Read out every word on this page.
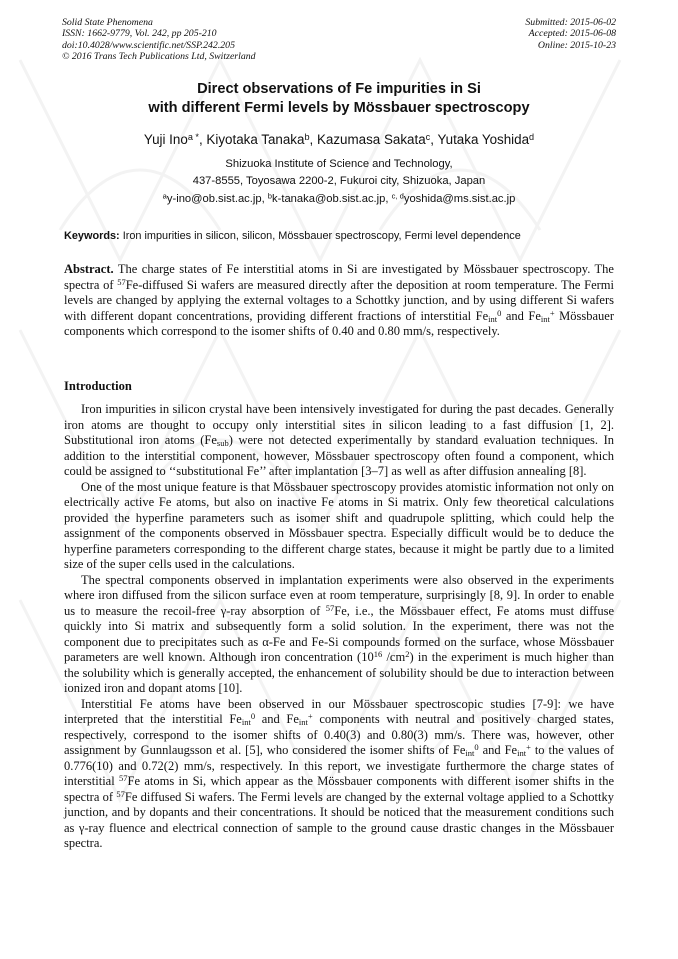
Solid State Phenomena
ISSN: 1662-9779, Vol. 242, pp 205-210
doi:10.4028/www.scientific.net/SSP.242.205
© 2016 Trans Tech Publications Ltd, Switzerland
Submitted: 2015-06-02
Accepted: 2015-06-08
Online: 2015-10-23
Direct observations of Fe impurities in Si
with different Fermi levels by Mössbauer spectroscopy
Yuji Ino$^{a *}$, Kiyotaka Tanaka$^b$, Kazumasa Sakata$^c$, Yutaka Yoshida$^d$
Shizuoka Institute of Science and Technology,
437-8555, Toyosawa 2200-2, Fukuroi city, Shizuoka, Japan
$^a$y-ino@ob.sist.ac.jp, $^b$k-tanaka@ob.sist.ac.jp, $^{c, d}$yoshida@ms.sist.ac.jp
Keywords: Iron impurities in silicon, silicon, Mössbauer spectroscopy, Fermi level dependence
Abstract. The charge states of Fe interstitial atoms in Si are investigated by Mössbauer spectroscopy. The spectra of $^{57}$Fe-diffused Si wafers are measured directly after the deposition at room temperature. The Fermi levels are changed by applying the external voltages to a Schottky junction, and by using different Si wafers with different dopant concentrations, providing different fractions of interstitial $Fe_{int}^0$ and $Fe_{int}^+$ Mössbauer components which correspond to the isomer shifts of 0.40 and 0.80 mm/s, respectively.
Introduction

Iron impurities in silicon crystal have been intensively investigated for during the past decades. Generally iron atoms are thought to occupy only interstitial sites in silicon leading to a fast diffusion [1, 2]. Substitutional iron atoms $(Fe_{sub})$ were not detected experimentally by standard evaluation techniques. In addition to the interstitial component, however, Mössbauer spectroscopy often found a component, which could be assigned to ‘‘substitutional Fe’’ after implantation [3–7] as well as after diffusion annealing [8].

One of the most unique feature is that Mössbauer spectroscopy provides atomistic information not only on electrically active Fe atoms, but also on inactive Fe atoms in Si matrix. Only few theoretical calculations provided the hyperfine parameters such as isomer shift and quadrupole splitting, which could help the assignment of the components observed in Mössbauer spectra. Especially difficult would be to deduce the hyperfine parameters corresponding to the different charge states, because it might be partly due to a limited size of the super cells used in the calculations.

The spectral components observed in implantation experiments were also observed in the experiments where iron diffused from the silicon surface even at room temperature, surprisingly [8, 9]. In order to enable us to measure the recoil-free γ-ray absorption of $^{57}$Fe, i.e., the Mössbauer effect, Fe atoms must diffuse quickly into Si matrix and subsequently form a solid solution. In the experiment, there was not the component due to precipitates such as α-Fe and Fe-Si compounds formed on the surface, whose Mössbauer parameters are well known. Although iron concentration ($10^{16}$ $/cm^2$) in the experiment is much higher than the solubility which is generally accepted, the enhancement of solubility should be due to interaction between ionized iron and dopant atoms [10].

Interstitial Fe atoms have been observed in our Mössbauer spectroscopic studies [7-9]: we have interpreted that the interstitial $Fe_{int}^0$ and $Fe_{int}^+$ components with neutral and positively charged states, respectively, correspond to the isomer shifts of 0.40(3) and 0.80(3) mm/s. There was, however, other assignment by Gunnlaugsson et al. [5], who considered the isomer shifts of $Fe_{int}^0$ and $Fe_{int}^+$ to the values of 0.776(10) and 0.72(2) mm/s, respectively. In this report, we investigate furthermore the charge states of interstitial $^{57}$Fe atoms in Si, which appear as the Mössbauer components with different isomer shifts in the spectra of $^{57}$Fe diffused Si wafers. The Fermi levels are changed by the external voltage applied to a Schottky junction, and by dopants and their concentrations. It should be noticed that the measurement conditions such as γ-ray fluence and electrical connection of sample to the ground cause drastic changes in the Mössbauer spectra.
